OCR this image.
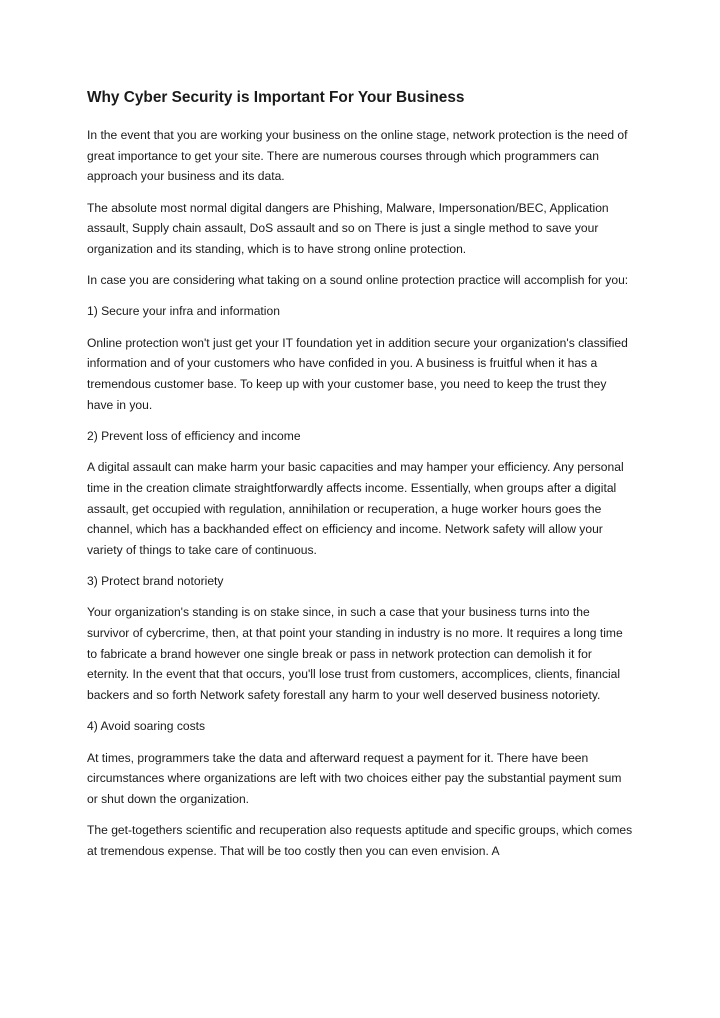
Why Cyber Security is Important For Your Business

In the event that you are working your business on the online stage, network protection is the need of great importance to get your site. There are numerous courses through which programmers can approach your business and its data.

The absolute most normal digital dangers are Phishing, Malware, Impersonation/BEC, Application assault, Supply chain assault, DoS assault and so on There is just a single method to save your organization and its standing, which is to have strong online protection.

In case you are considering what taking on a sound online protection practice will accomplish for you:

1) Secure your infra and information

Online protection won't just get your IT foundation yet in addition secure your organization's classified information and of your customers who have confided in you. A business is fruitful when it has a tremendous customer base. To keep up with your customer base, you need to keep the trust they have in you.

2) Prevent loss of efficiency and income

A digital assault can make harm your basic capacities and may hamper your efficiency. Any personal time in the creation climate straightforwardly affects income. Essentially, when groups after a digital assault, get occupied with regulation, annihilation or recuperation, a huge worker hours goes the channel, which has a backhanded effect on efficiency and income. Network safety will allow your variety of things to take care of continuous.

3) Protect brand notoriety

Your organization's standing is on stake since, in such a case that your business turns into the survivor of cybercrime, then, at that point your standing in industry is no more. It requires a long time to fabricate a brand however one single break or pass in network protection can demolish it for eternity. In the event that that occurs, you'll lose trust from customers, accomplices, clients, financial backers and so forth Network safety forestall any harm to your well deserved business notoriety.

4) Avoid soaring costs

At times, programmers take the data and afterward request a payment for it. There have been circumstances where organizations are left with two choices either pay the substantial payment sum or shut down the organization.

The get-togethers scientific and recuperation also requests aptitude and specific groups, which comes at tremendous expense. That will be too costly then you can even envision. A
